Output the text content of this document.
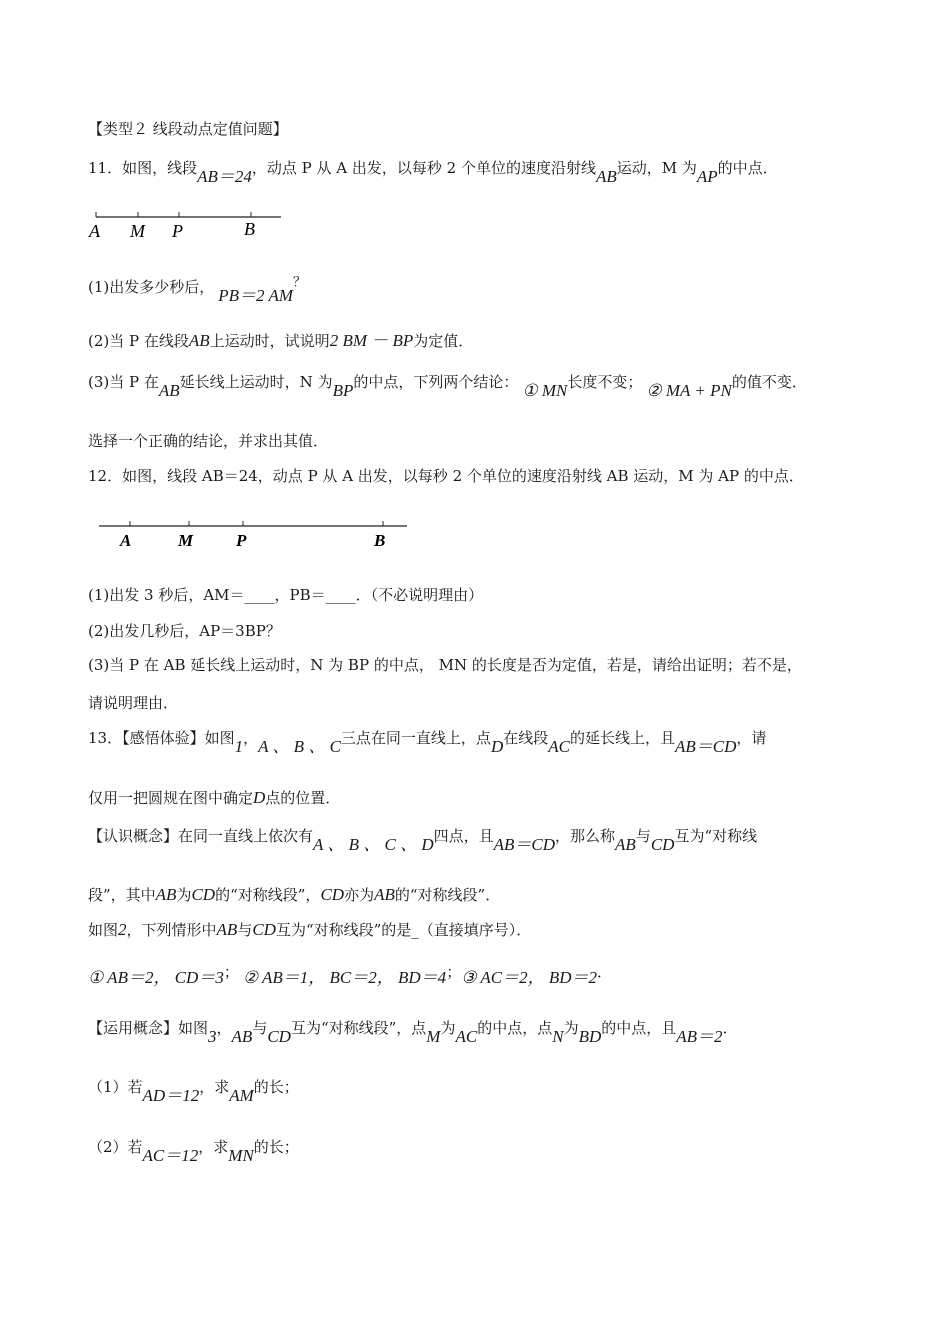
【类型２ 线段动点定值问题】
11．如图，线段AB＝24，动点 P 从 A 出发，以每秒 2 个单位的速度沿射线AB运动，M 为AP的中点．
A M P	B
(1)出发多少秒后， PB＝2 AM？
(2)当 P 在线段AB上运动时，试说明2 BM － BP为定值．
(3)当 P 在AB延长线上运动时，N 为BP的中点，下列两个结论： ① MN长度不变； ② MA + PN的值不变．
选择一个正确的结论，并求出其值．
12．如图，线段 AB＝24，动点 P 从 A 出发，以每秒 2 个单位的速度沿射线 AB 运动，M 为 AP 的中点．
A	M	P	B
(1)出发 3 秒后，AM＝____，PB＝____．（不必说明理由）
(2)出发几秒后，AP＝3BP？
(3)当 P 在 AB 延长线上运动时，N 为 BP 的中点， MN 的长度是否为定值，若是，请给出证明；若不是，
请说明理由．
13．【感悟体验】如图1，A 、 B 、 C三点在同一直线上，点D在线段AC的延长线上，且AB＝CD，请
仅用一把圆规在图中确定D点的位置．
【认识概念】在同一直线上依次有A 、 B 、 C 、 D四点，且AB＝CD，那么称AB与CD互为“对称线
段”，其中AB为CD的“对称线段”，CD亦为AB的“对称线段”．
如图2，下列情形中AB与CD互为“对称线段”的是_（直接填序号）．
① AB＝2， CD＝3； ② AB＝1， BC＝2， BD＝4；③ AC＝2， BD＝2．
【运用概念】如图3，AB与CD互为“对称线段”，点M为AC的中点，点N为BD的中点，且AB＝2．
（1）若AD＝12，求AM的长；
（2）若AC＝12，求MN的长；
